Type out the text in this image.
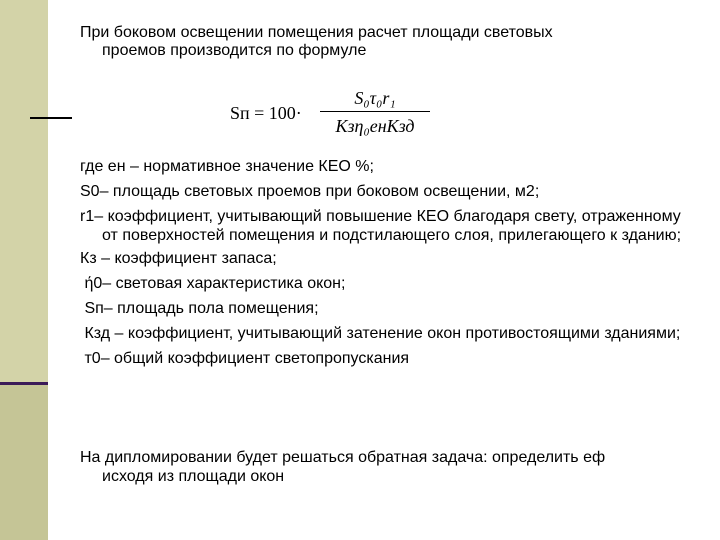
При боковом освещении помещения расчет площади световых
проемов производится по формуле

Sп = 100·
S₀τ₀r₁
Kзη₀eнKзд

где eн – нормативное значение КЕО %;

S0– площадь световых проемов при боковом освещении, м2;

r1– коэффициент, учитывающий повышение КЕО благодаря свету, отраженному от поверхностей помещения и подстилающего слоя, прилегающего к зданию;

Кз – коэффициент запаса;

ή0– световая характеристика окон;

Sп– площадь пола помещения;

Кзд – коэффициент, учитывающий затенение окон противостоящими зданиями;

т0– общий коэффициент светопропускания

На дипломировании будет решаться обратная задача: определить еф
исходя из площади окон
